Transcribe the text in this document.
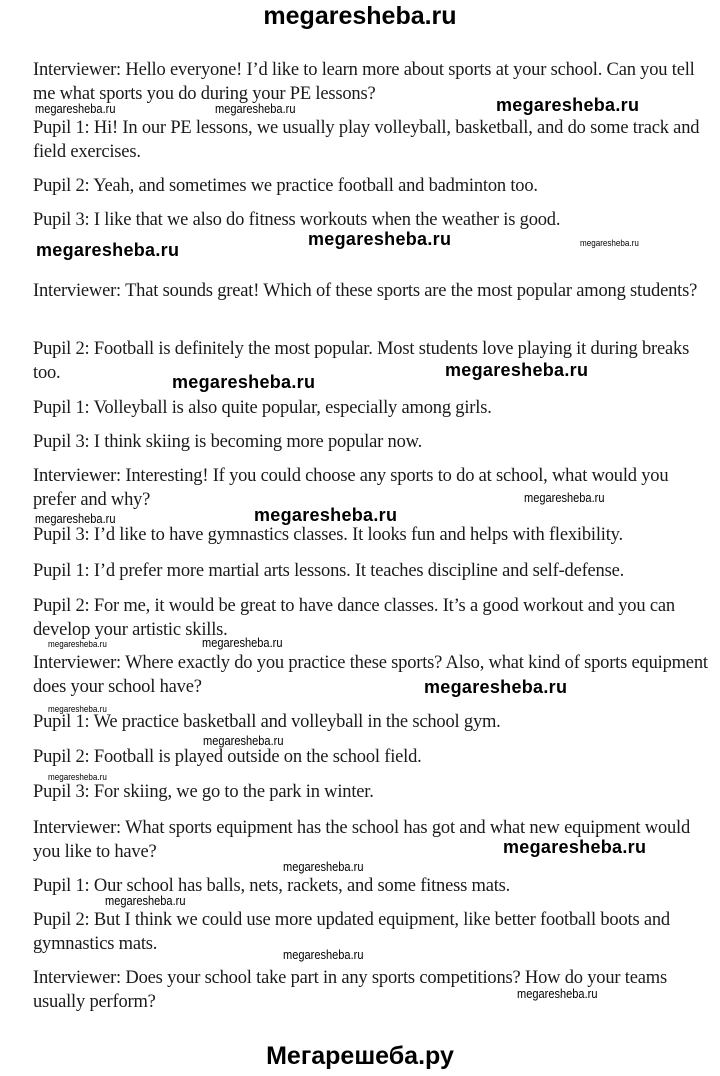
megaresheba.ru
Interviewer: Hello everyone! I’d like to learn more about sports at your school. Can you tell me what sports you do during your PE lessons?
Pupil 1: Hi! In our PE lessons, we usually play volleyball, basketball, and do some track and field exercises.
Pupil 2: Yeah, and sometimes we practice football and badminton too.
Pupil 3: I like that we also do fitness workouts when the weather is good.
Interviewer: That sounds great! Which of these sports are the most popular among students?
Pupil 2: Football is definitely the most popular. Most students love playing it during breaks too.
Pupil 1: Volleyball is also quite popular, especially among girls.
Pupil 3: I think skiing is becoming more popular now.
Interviewer: Interesting! If you could choose any sports to do at school, what would you prefer and why?
Pupil 3: I’d like to have gymnastics classes. It looks fun and helps with flexibility.
Pupil 1: I’d prefer more martial arts lessons. It teaches discipline and self-defense.
Pupil 2: For me, it would be great to have dance classes. It’s a good workout and you can develop your artistic skills.
Interviewer: Where exactly do you practice these sports? Also, what kind of sports equipment does your school have?
Pupil 1: We practice basketball and volleyball in the school gym.
Pupil 2: Football is played outside on the school field.
Pupil 3: For skiing, we go to the park in winter.
Interviewer: What sports equipment has the school has got and what new equipment would you like to have?
Pupil 1: Our school has balls, nets, rackets, and some fitness mats.
Pupil 2: But I think we could use more updated equipment, like better football boots and gymnastics mats.
Interviewer: Does your school take part in any sports competitions? How do your teams usually perform?
megaresheba.ru	megaresheba.ru	megaresheba.ru
megaresheba.ru
megaresheba.ru	megaresheba.ru
megaresheba.ru
megaresheba.ru
megaresheba.ru
megaresheba.ru	megaresheba.ru
megaresheba.ru
megaresheba.ru
megaresheba.ru
megaresheba.ru
megaresheba.ru
megaresheba.ru
megaresheba.ru
megaresheba.ru
megaresheba.ru
megaresheba.ru
megaresheba.ru
Мегарешеба.ру
